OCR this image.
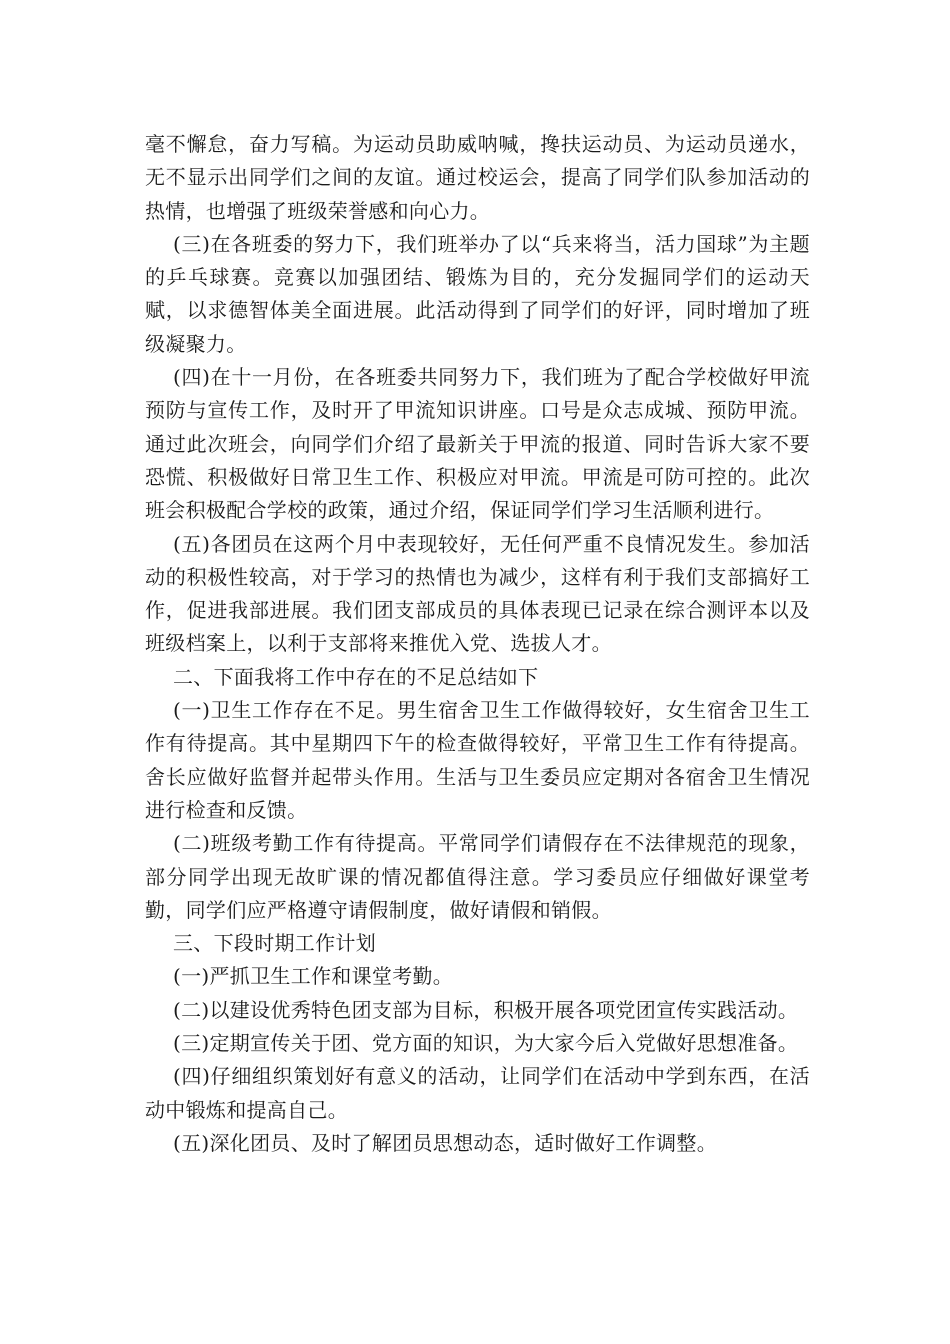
毫不懈怠，奋力写稿。为运动员助威呐喊，搀扶运动员、为运动员递水，无不显示出同学们之间的友谊。通过校运会，提高了同学们队参加活动的热情，也增强了班级荣誉感和向心力。

(三)在各班委的努力下，我们班举办了以“兵来将当，活力国球”为主题的乒乓球赛。竞赛以加强团结、锻炼为目的，充分发掘同学们的运动天赋，以求德智体美全面进展。此活动得到了同学们的好评，同时增加了班级凝聚力。

(四)在十一月份，在各班委共同努力下，我们班为了配合学校做好甲流预防与宣传工作，及时开了甲流知识讲座。口号是众志成城、预防甲流。通过此次班会，向同学们介绍了最新关于甲流的报道、同时告诉大家不要恐慌、积极做好日常卫生工作、积极应对甲流。甲流是可防可控的。此次班会积极配合学校的政策，通过介绍，保证同学们学习生活顺利进行。

(五)各团员在这两个月中表现较好，无任何严重不良情况发生。参加活动的积极性较高，对于学习的热情也为减少，这样有利于我们支部搞好工作，促进我部进展。我们团支部成员的具体表现已记录在综合测评本以及班级档案上，以利于支部将来推优入党、选拔人才。

二、下面我将工作中存在的不足总结如下

(一)卫生工作存在不足。男生宿舍卫生工作做得较好，女生宿舍卫生工作有待提高。其中星期四下午的检查做得较好，平常卫生工作有待提高。舍长应做好监督并起带头作用。生活与卫生委员应定期对各宿舍卫生情况进行检查和反馈。

(二)班级考勤工作有待提高。平常同学们请假存在不法律规范的现象，部分同学出现无故旷课的情况都值得注意。学习委员应仔细做好课堂考勤，同学们应严格遵守请假制度，做好请假和销假。

三、下段时期工作计划

(一)严抓卫生工作和课堂考勤。

(二)以建设优秀特色团支部为目标，积极开展各项党团宣传实践活动。

(三)定期宣传关于团、党方面的知识，为大家今后入党做好思想准备。

(四)仔细组织策划好有意义的活动，让同学们在活动中学到东西，在活动中锻炼和提高自己。

(五)深化团员、及时了解团员思想动态，适时做好工作调整。
